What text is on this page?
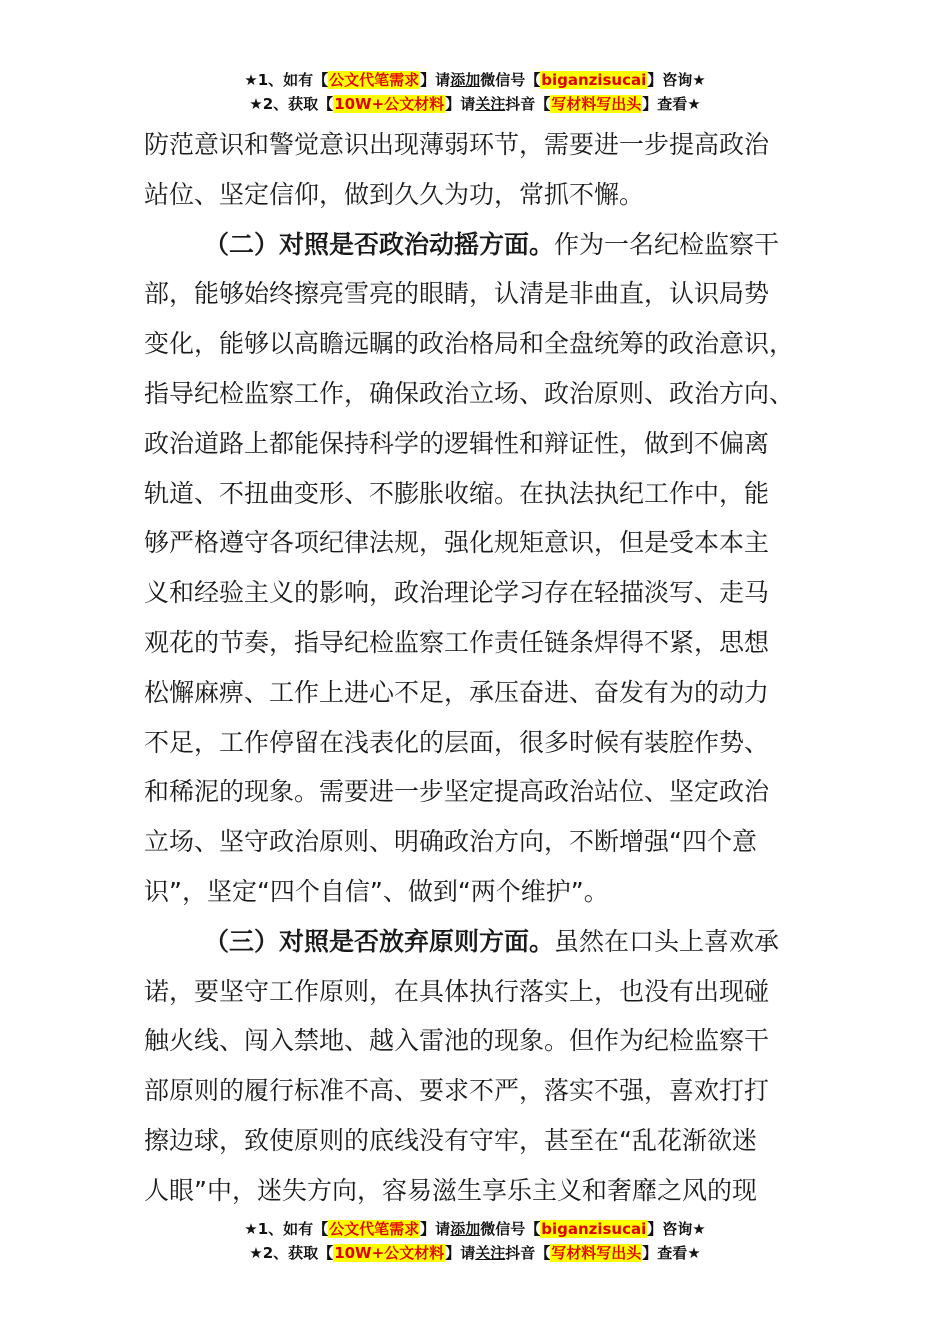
★1、如有【公文代笔需求】请添加微信号【biganzisucai】咨询★
★2、获取【10W+公文材料】请关注抖音【写材料写出头】查看★
防范意识和警觉意识出现薄弱环节，需要进一步提高政治
站位、坚定信仰，做到久久为功，常抓不懈。
（二）对照是否政治动摇方面。作为一名纪检监察干
部，能够始终擦亮雪亮的眼睛，认清是非曲直，认识局势
变化，能够以高瞻远瞩的政治格局和全盘统筹的政治意识，
指导纪检监察工作，确保政治立场、政治原则、政治方向、
政治道路上都能保持科学的逻辑性和辩证性，做到不偏离
轨道、不扭曲变形、不膨胀收缩。在执法执纪工作中，能
够严格遵守各项纪律法规，强化规矩意识，但是受本本主
义和经验主义的影响，政治理论学习存在轻描淡写、走马
观花的节奏，指导纪检监察工作责任链条焊得不紧，思想
松懈麻痹、工作上进心不足，承压奋进、奋发有为的动力
不足，工作停留在浅表化的层面，很多时候有装腔作势、
和稀泥的现象。需要进一步坚定提高政治站位、坚定政治
立场、坚守政治原则、明确政治方向，不断增强“四个意
识”，坚定“四个自信”、做到“两个维护”。
（三）对照是否放弃原则方面。虽然在口头上喜欢承
诺，要坚守工作原则，在具体执行落实上，也没有出现碰
触火线、闯入禁地、越入雷池的现象。但作为纪检监察干
部原则的履行标准不高、要求不严，落实不强，喜欢打打
擦边球，致使原则的底线没有守牢，甚至在“乱花渐欲迷
人眼”中，迷失方向，容易滋生享乐主义和奢靡之风的现
★1、如有【公文代笔需求】请添加微信号【biganzisucai】咨询★
★2、获取【10W+公文材料】请关注抖音【写材料写出头】查看★
